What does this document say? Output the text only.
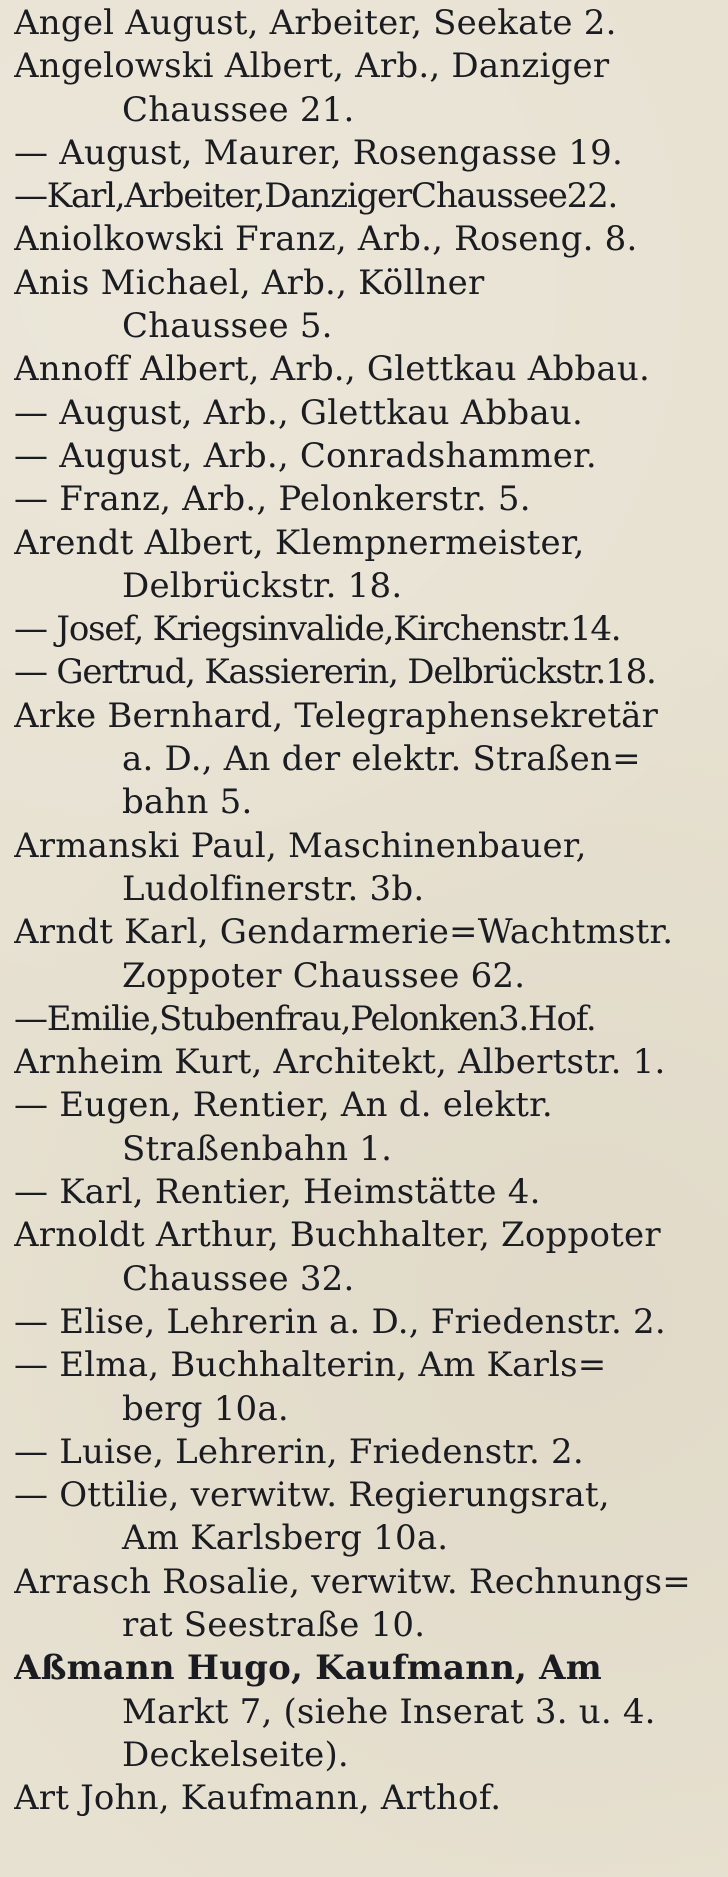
Angel August, Arbeiter, Seekate 2.
Angelowski Albert, Arb., Danziger
Chaussee 21.
— August, Maurer, Rosengasse 19.
—Karl,Arbeiter,DanzigerChaussee22.
Aniolkowski Franz, Arb., Roseng. 8.
Anis Michael, Arb., Köllner
Chaussee 5.
Annoff Albert, Arb., Glettkau Abbau.
— August, Arb., Glettkau Abbau.
— August, Arb., Conradshammer.
— Franz, Arb., Pelonkerstr. 5.
Arendt Albert, Klempnermeister,
Delbrückstr. 18.
— Josef, Kriegsinvalide,Kirchenstr.14.
— Gertrud, Kassiererin, Delbrückstr.18.
Arke Bernhard, Telegraphensekretär
a. D., An der elektr. Straßen=
bahn 5.
Armanski Paul, Maschinenbauer,
Ludolfinerstr. 3b.
Arndt Karl, Gendarmerie=Wachtmstr.
Zoppoter Chaussee 62.
—Emilie,Stubenfrau,Pelonken3.Hof.
Arnheim Kurt, Architekt, Albertstr. 1.
— Eugen, Rentier, An d. elektr.
Straßenbahn 1.
— Karl, Rentier, Heimstätte 4.
Arnoldt Arthur, Buchhalter, Zoppoter
Chaussee 32.
— Elise, Lehrerin a. D., Friedenstr. 2.
— Elma, Buchhalterin, Am Karls=
berg 10a.
— Luise, Lehrerin, Friedenstr. 2.
— Ottilie, verwitw. Regierungsrat,
Am Karlsberg 10a.
Arrasch Rosalie, verwitw. Rechnungs=
rat Seestraße 10.
Aßmann Hugo, Kaufmann, Am
Markt 7, (siehe Inserat 3. u. 4.
Deckelseite).
Art John, Kaufmann, Arthof.
